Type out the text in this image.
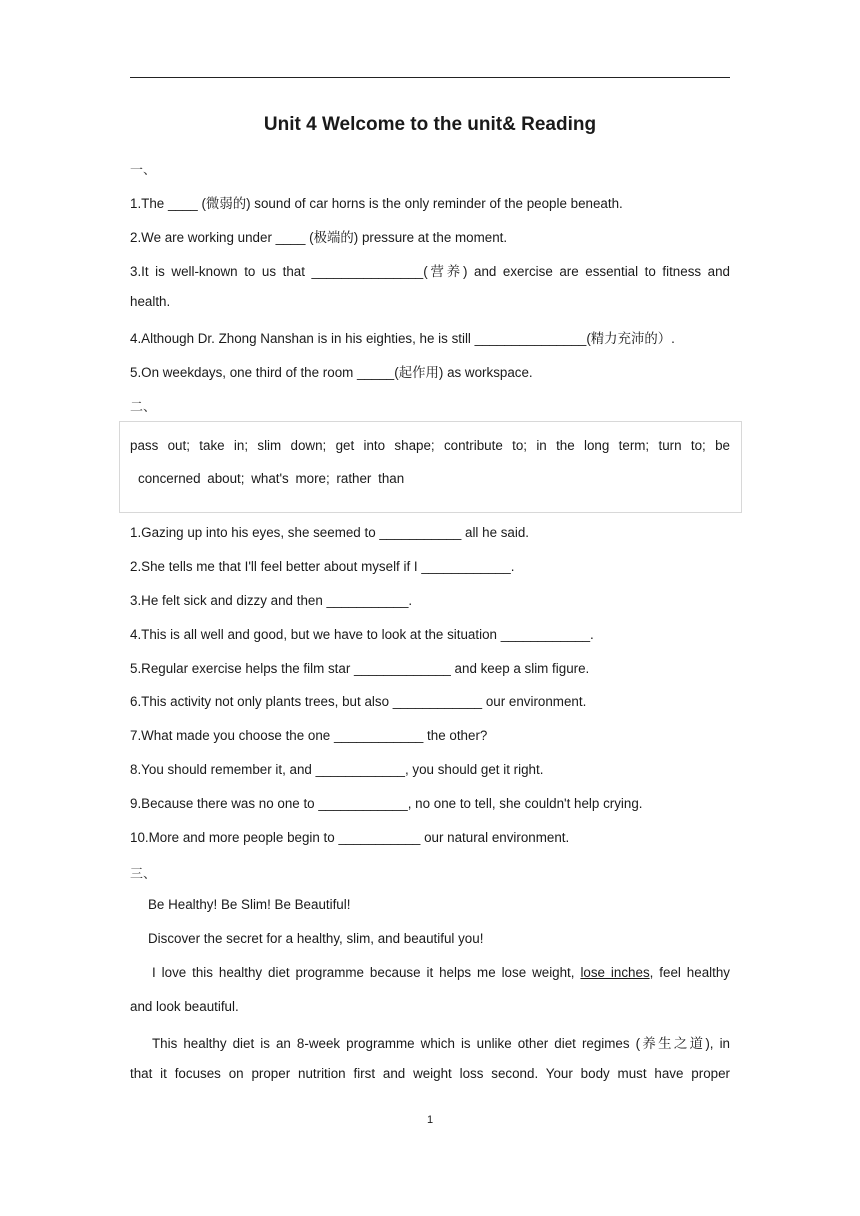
Unit 4 Welcome to the unit& Reading
一、
1.The ____ (微弱的) sound of car horns is the only reminder of the people beneath.
2.We are working under ____ (极端的) pressure at the moment.
3.It is well-known to us that _______________(营养) and exercise are essential to fitness and
health.
4.Although Dr. Zhong Nanshan is in his eighties, he is still _______________(精力充沛的）.
5.On weekdays, one third of the room _____(起作用) as workspace.
二、
pass out; take in; slim down; get into shape; contribute to; in the long term; turn to; be
concerned about; what's more; rather than
1.Gazing up into his eyes, she seemed to ___________ all he said.
2.She tells me that I'll feel better about myself if I ____________.
3.He felt sick and dizzy and then ___________.
4.This is all well and good, but we have to look at the situation ____________.
5.Regular exercise helps the film star _____________ and keep a slim figure.
6.This activity not only plants trees, but also ____________ our environment.
7.What made you choose the one ____________ the other?
8.You should remember it, and ____________, you should get it right.
9.Because there was no one to ____________, no one to tell, she couldn't help crying.
10.More and more people begin to ___________ our natural environment.
三、
Be Healthy! Be Slim! Be Beautiful!
Discover the secret for a healthy, slim, and beautiful you!
I love this healthy diet programme because it helps me lose weight, lose inches, feel healthy
and look beautiful.
This healthy diet is an 8-week programme which is unlike other diet regimes (养生之道), in
that it focuses on proper nutrition first and weight loss second. Your body must have proper
1
